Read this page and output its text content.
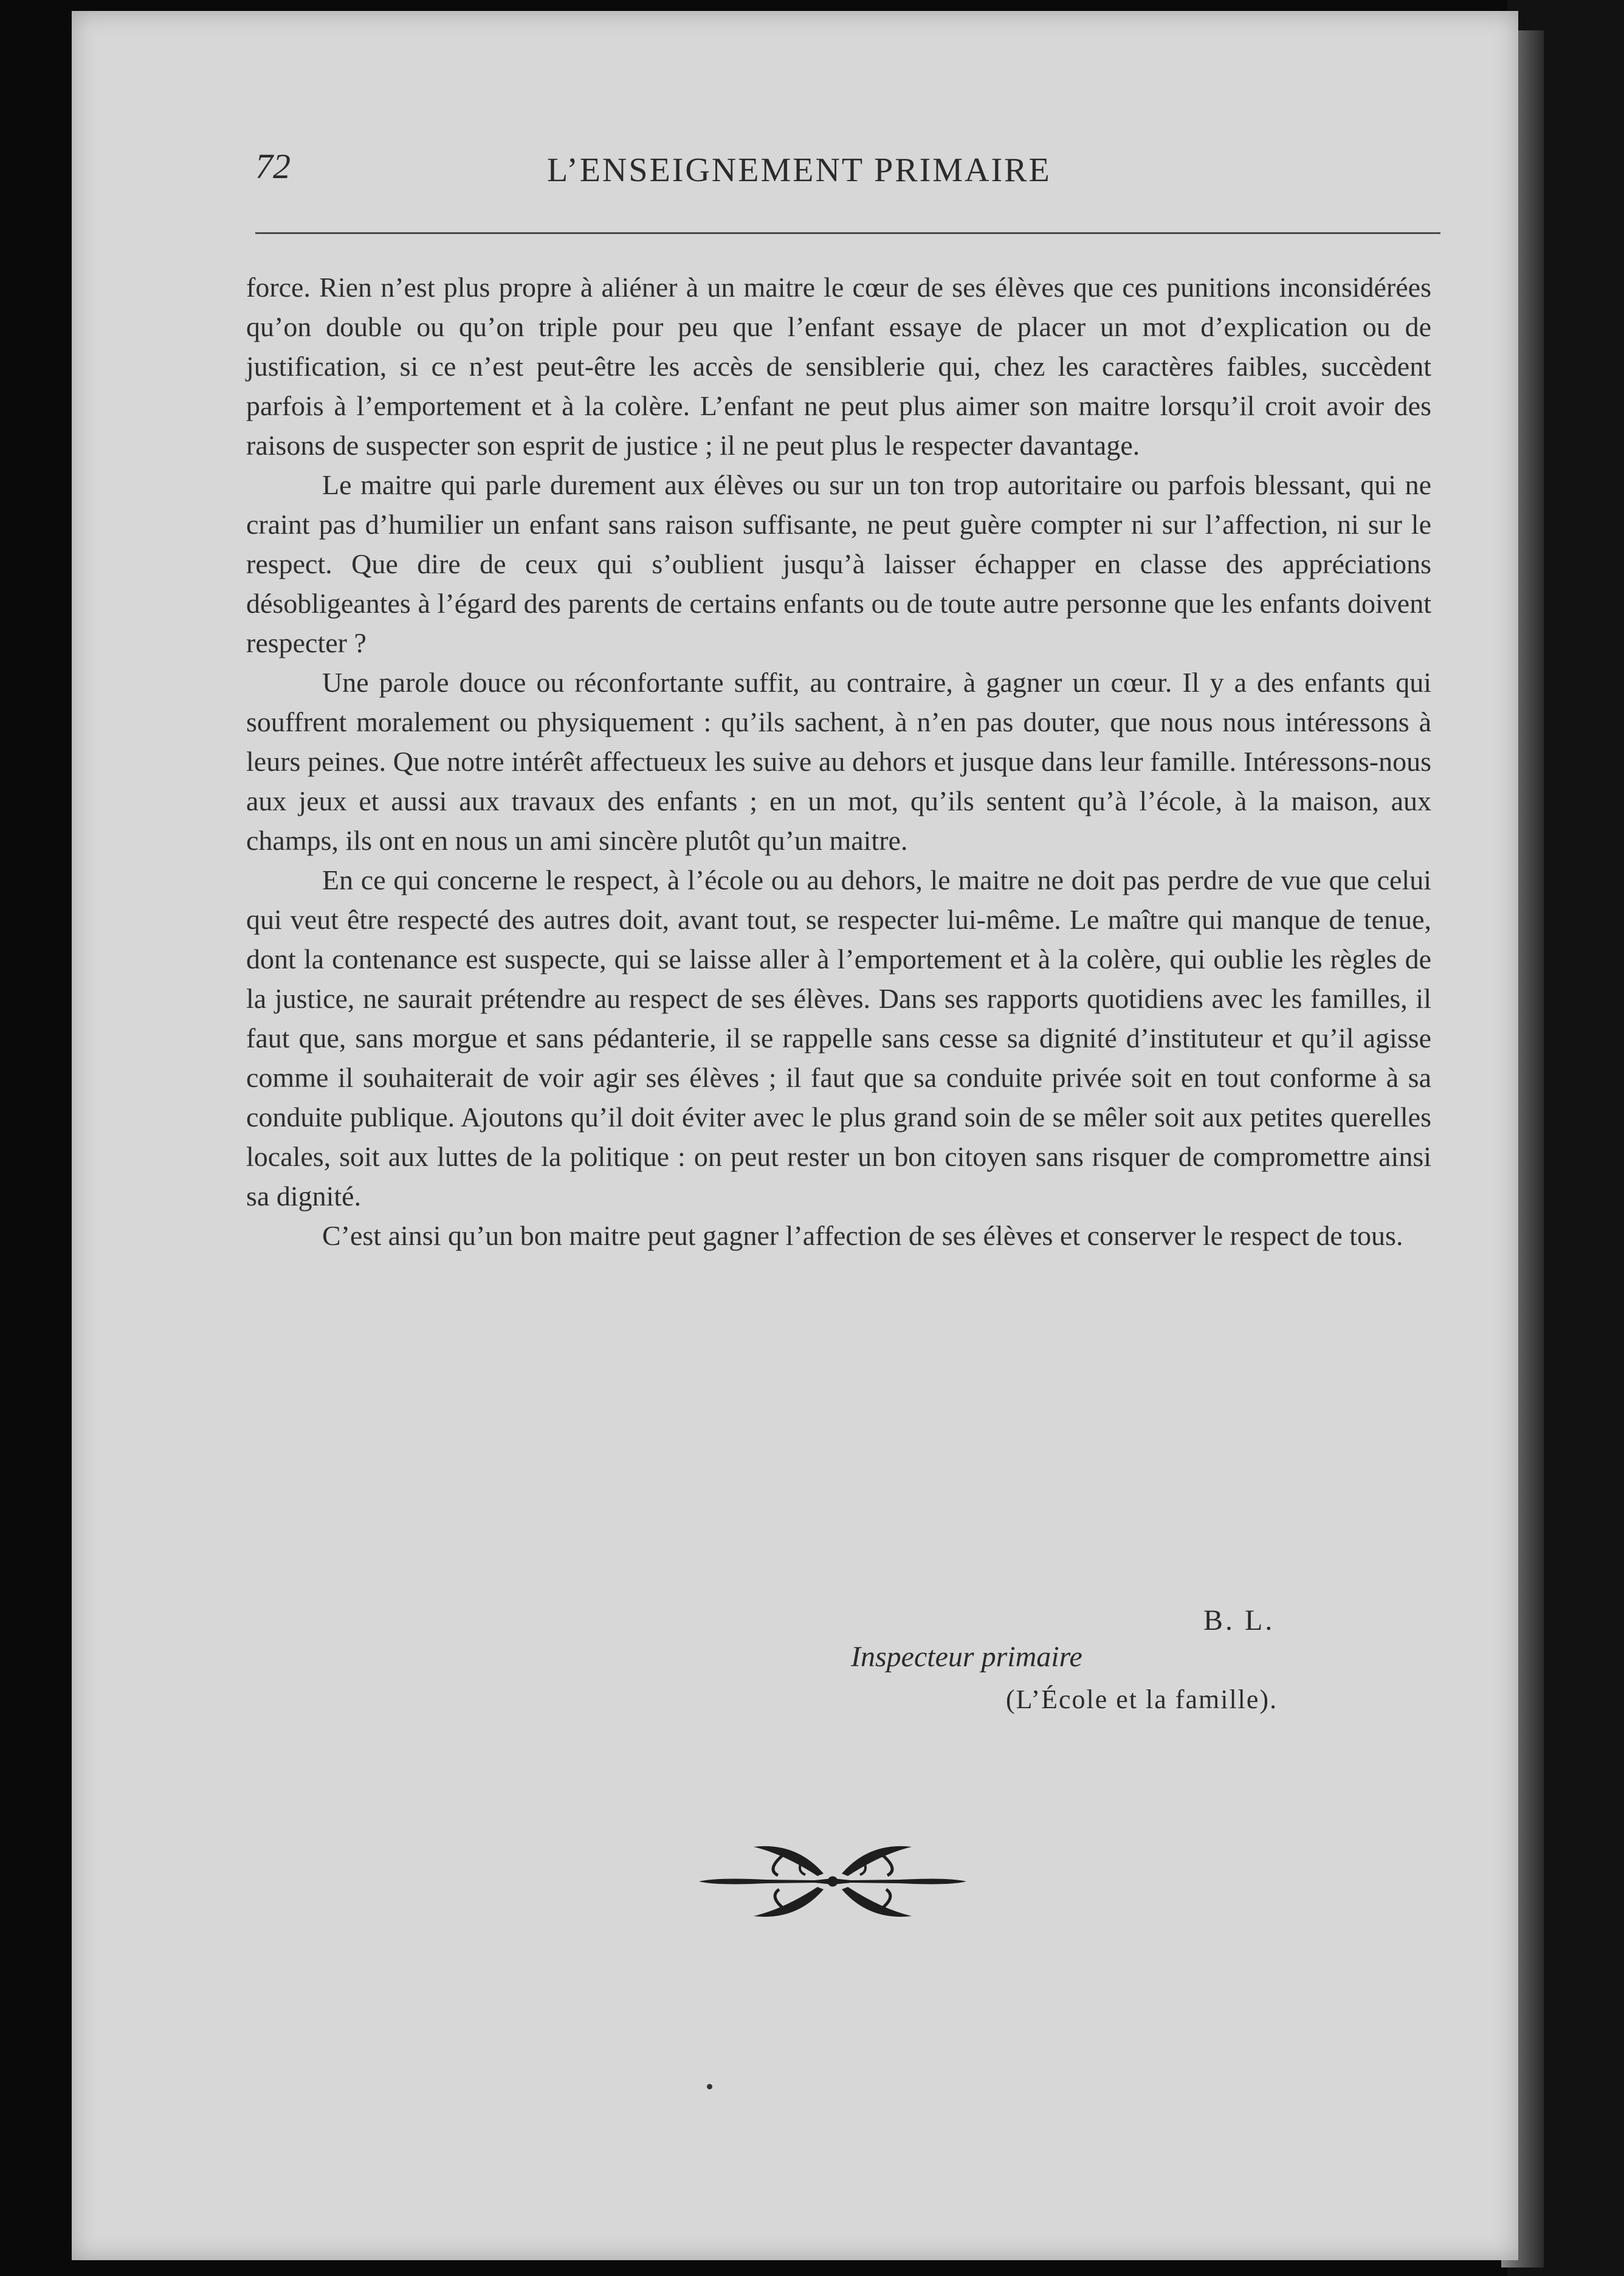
72	L’ENSEIGNEMENT PRIMAIRE

force. Rien n’est plus propre à aliéner à un maitre le cœur de ses élèves que ces punitions inconsidérées qu’on double ou qu’on triple pour peu que l’enfant essaye de placer un mot d’explication ou de justification, si ce n’est peut-être les accès de sensiblerie qui, chez les caractères faibles, succèdent parfois à l’emportement et à la colère. L’enfant ne peut plus aimer son maitre lorsqu’il croit avoir des raisons de suspecter son esprit de justice ; il ne peut plus le respecter davantage.

Le maitre qui parle durement aux élèves ou sur un ton trop autoritaire ou parfois blessant, qui ne craint pas d’humilier un enfant sans raison suffisante, ne peut guère compter ni sur l’affection, ni sur le respect. Que dire de ceux qui s’oublient jusqu’à laisser échapper en classe des appréciations désobligeantes à l’égard des parents de certains enfants ou de toute autre personne que les enfants doivent respecter ?

Une parole douce ou réconfortante suffit, au contraire, à gagner un cœur. Il y a des enfants qui souffrent moralement ou physiquement : qu’ils sachent, à n’en pas douter, que nous nous intéressons à leurs peines. Que notre intérêt affectueux les suive au dehors et jusque dans leur famille. Intéressons-nous aux jeux et aussi aux travaux des enfants ; en un mot, qu’ils sentent qu’à l’école, à la maison, aux champs, ils ont en nous un ami sincère plutôt qu’un maitre.

En ce qui concerne le respect, à l’école ou au dehors, le maitre ne doit pas perdre de vue que celui qui veut être respecté des autres doit, avant tout, se respecter lui-même. Le maître qui manque de tenue, dont la contenance est suspecte, qui se laisse aller à l’emportement et à la colère, qui oublie les règles de la justice, ne saurait prétendre au respect de ses élèves. Dans ses rapports quotidiens avec les familles, il faut que, sans morgue et sans pédanterie, il se rappelle sans cesse sa dignité d’instituteur et qu’il agisse comme il souhaiterait de voir agir ses élèves ; il faut que sa conduite privée soit en tout conforme à sa conduite publique. Ajoutons qu’il doit éviter avec le plus grand soin de se mêler soit aux petites querelles locales, soit aux luttes de la politique : on peut rester un bon citoyen sans risquer de compromettre ainsi sa dignité.

C’est ainsi qu’un bon maitre peut gagner l’affection de ses élèves et conserver le respect de tous.

B. L.
Inspecteur primaire
(L’École et la famille).
